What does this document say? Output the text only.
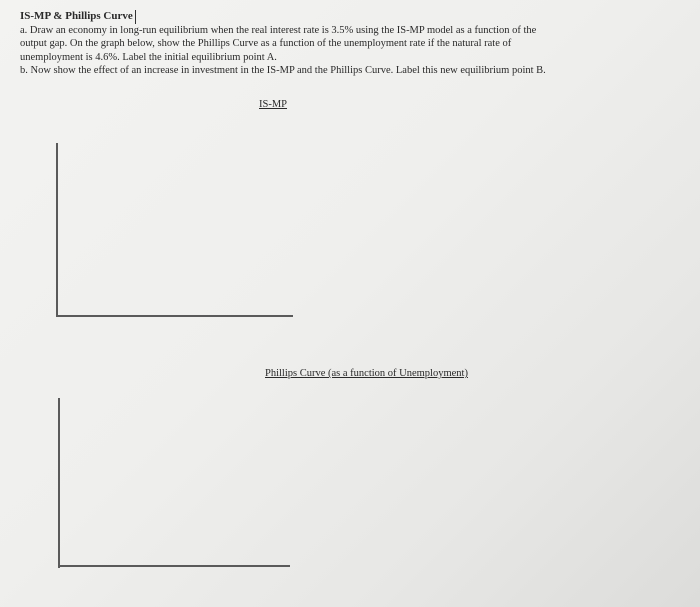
IS-MP & Phillips Curve
a. Draw an economy in long-run equilibrium when the real interest rate is 3.5% using the IS-MP model as a function of the
output gap. On the graph below, show the Phillips Curve as a function of the unemployment rate if the natural rate of
unemployment is 4.6%. Label the initial equilibrium point A.
b. Now show the effect of an increase in investment in the IS-MP and the Phillips Curve. Label this new equilibrium point B.
IS-MP
Phillips Curve (as a function of Unemployment)
